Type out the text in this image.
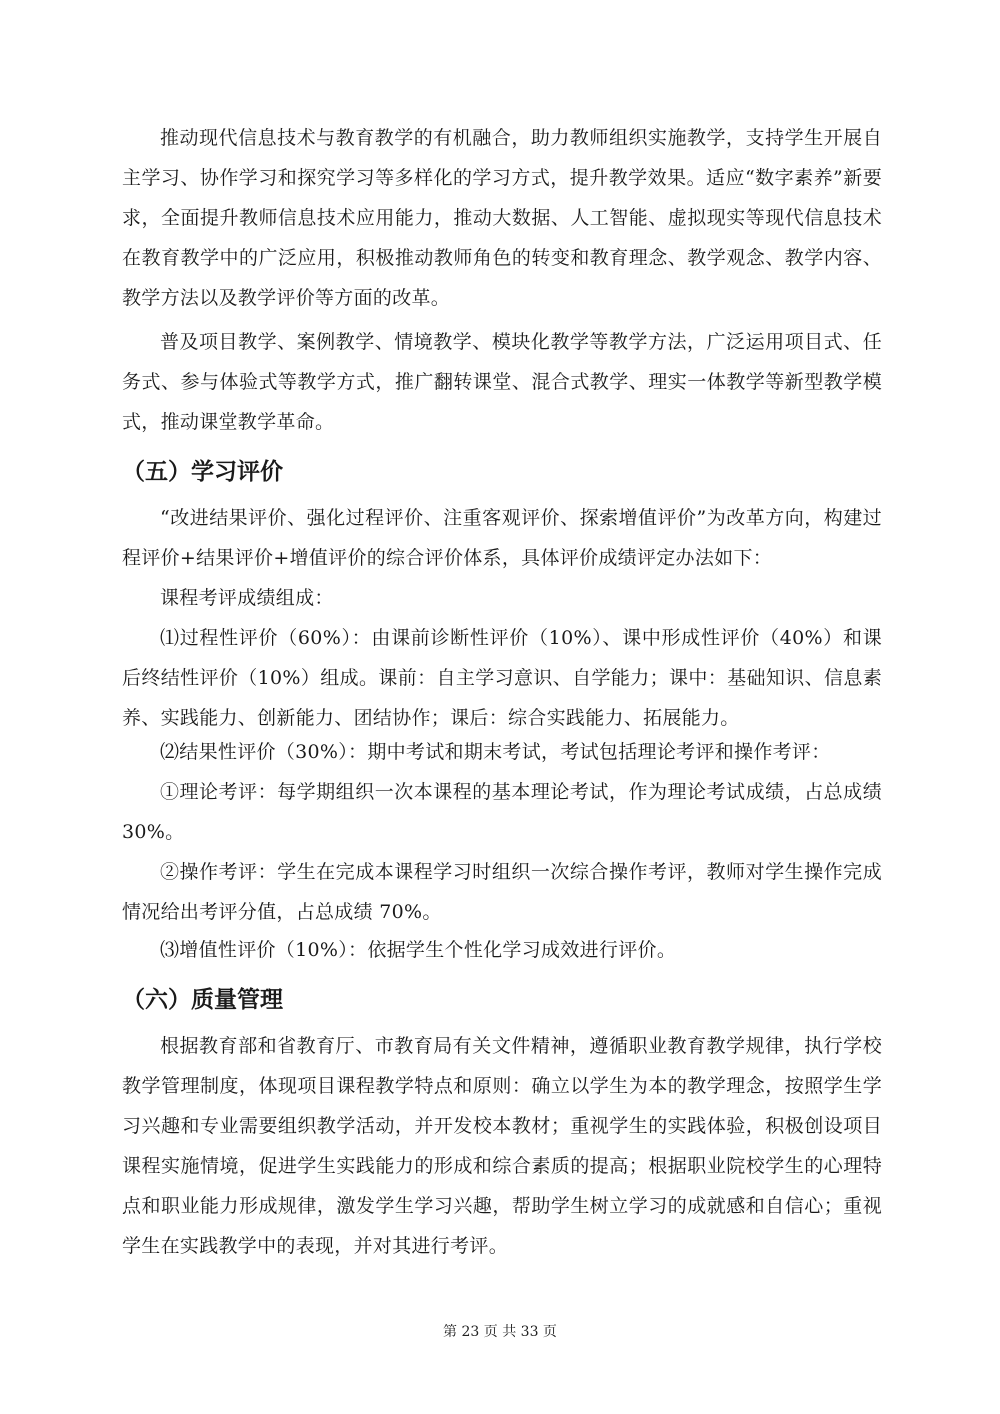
推动现代信息技术与教育教学的有机融合，助力教师组织实施教学，支持学生开展自主学习、协作学习和探究学习等多样化的学习方式，提升教学效果。适应“数字素养”新要求，全面提升教师信息技术应用能力，推动大数据、人工智能、虚拟现实等现代信息技术在教育教学中的广泛应用，积极推动教师角色的转变和教育理念、教学观念、教学内容、教学方法以及教学评价等方面的改革。

普及项目教学、案例教学、情境教学、模块化教学等教学方法，广泛运用项目式、任务式、参与体验式等教学方式，推广翻转课堂、混合式教学、理实一体教学等新型教学模式，推动课堂教学革命。

（五）学习评价

“改进结果评价、强化过程评价、注重客观评价、探索增值评价”为改革方向，构建过程评价+结果评价+增值评价的综合评价体系，具体评价成绩评定办法如下：

课程考评成绩组成：

⑴过程性评价（60%）：由课前诊断性评价（10%）、课中形成性评价（40%）和课后终结性评价（10%）组成。课前：自主学习意识、自学能力；课中：基础知识、信息素养、实践能力、创新能力、团结协作；课后：综合实践能力、拓展能力。

⑵结果性评价（30%）：期中考试和期末考试，考试包括理论考评和操作考评：

①理论考评：每学期组织一次本课程的基本理论考试，作为理论考试成绩，占总成绩 30%。

②操作考评：学生在完成本课程学习时组织一次综合操作考评，教师对学生操作完成情况给出考评分值，占总成绩 70%。

⑶增值性评价（10%）：依据学生个性化学习成效进行评价。

（六）质量管理

根据教育部和省教育厅、市教育局有关文件精神，遵循职业教育教学规律，执行学校教学管理制度，体现项目课程教学特点和原则：确立以学生为本的教学理念，按照学生学习兴趣和专业需要组织教学活动，并开发校本教材；重视学生的实践体验，积极创设项目课程实施情境，促进学生实践能力的形成和综合素质的提高；根据职业院校学生的心理特点和职业能力形成规律，激发学生学习兴趣，帮助学生树立学习的成就感和自信心；重视学生在实践教学中的表现，并对其进行考评。

第 23 页 共 33 页
